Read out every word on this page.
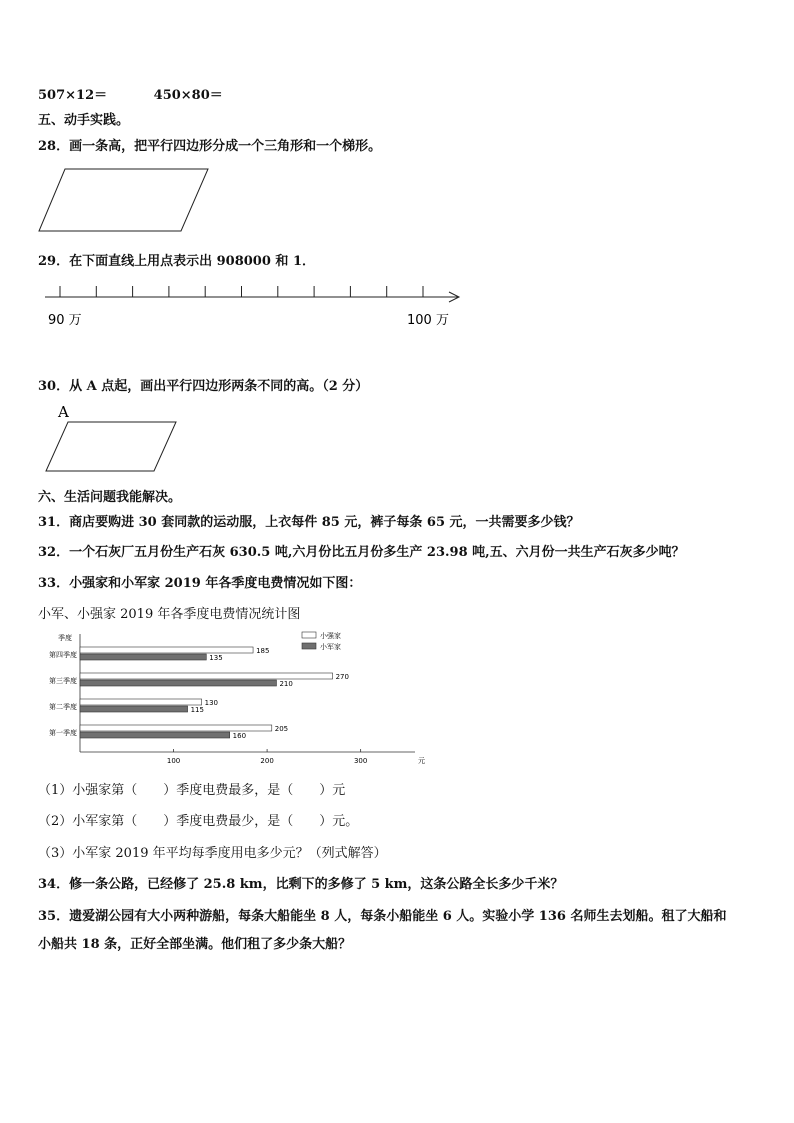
507×12＝	450×80＝
五、动手实践。
28．画一条高，把平行四边形分成一个三角形和一个梯形。
29．在下面直线上用点表示出 908000 和 1．
90 万	100 万
30．从 A 点起，画出平行四边形两条不同的高。（2 分）
A
六、生活问题我能解决。
31．商店要购进 30 套同款的运动服，上衣每件 85 元，裤子每条 65 元，一共需要多少钱？
32．一个石灰厂五月份生产石灰 630.5 吨,六月份比五月份多生产 23.98 吨,五、六月份一共生产石灰多少吨？
33．小强家和小军家 2019 年各季度电费情况如下图：
小军、小强家 2019 年各季度电费情况统计图
季度
元
100	200	300
第四季度	185
135
第三季度	270
210
第二季度	130
115
第一季度	205
160
小强家
小军家
（1）小强家第（　　）季度电费最多，是（　　）元
（2）小军家第（　　）季度电费最少，是（　　）元。
（3）小军家 2019 年平均每季度用电多少元？（列式解答）
34．修一条公路，已经修了 25.8 km，比剩下的多修了 5 km，这条公路全长多少千米？
35．遗爱湖公园有大小两种游船，每条大船能坐 8 人，每条小船能坐 6 人。实验小学 136 名师生去划船。租了大船和
小船共 18 条，正好全部坐满。他们租了多少条大船？
